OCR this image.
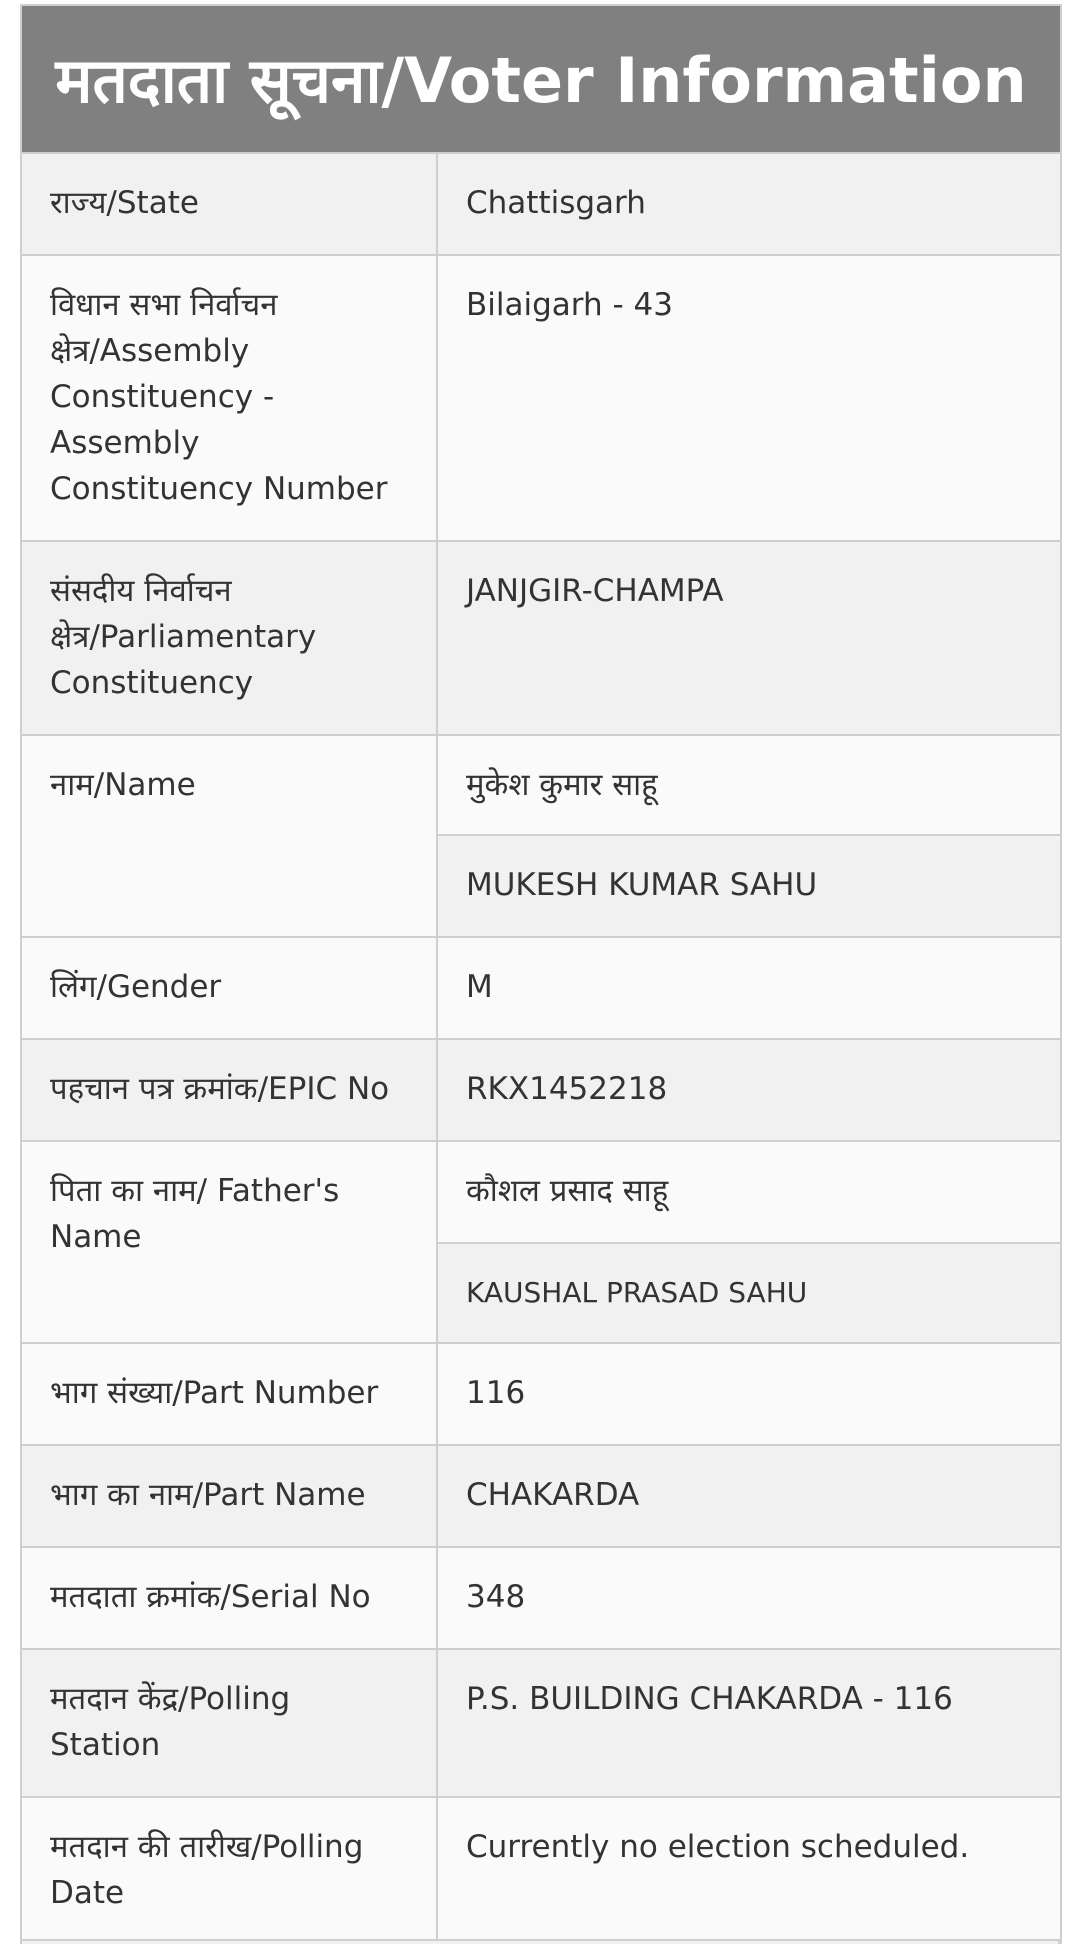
मतदाता सूचना/Voter Information	
राज्य/State	Chattisgarh
विधान सभा निर्वाचन क्षेत्र/Assembly Constituency - Assembly Constituency Number	Bilaigarh - 43
संसदीय निर्वाचन क्षेत्र/Parliamentary Constituency	JANJGIR-CHAMPA
नाम/Name	मुकेश कुमार साहू
	MUKESH KUMAR SAHU
लिंग/Gender	M
पहचान पत्र क्रमांक/EPIC No	RKX1452218
पिता का नाम/ Father's Name	कौशल प्रसाद साहू
	KAUSHAL PRASAD SAHU
भाग संख्या/Part Number	116
भाग का नाम/Part Name	CHAKARDA
मतदाता क्रमांक/Serial No	348
मतदान केंद्र/Polling Station	P.S. BUILDING CHAKARDA - 116
मतदान की तारीख/Polling Date	Currently no election scheduled.
